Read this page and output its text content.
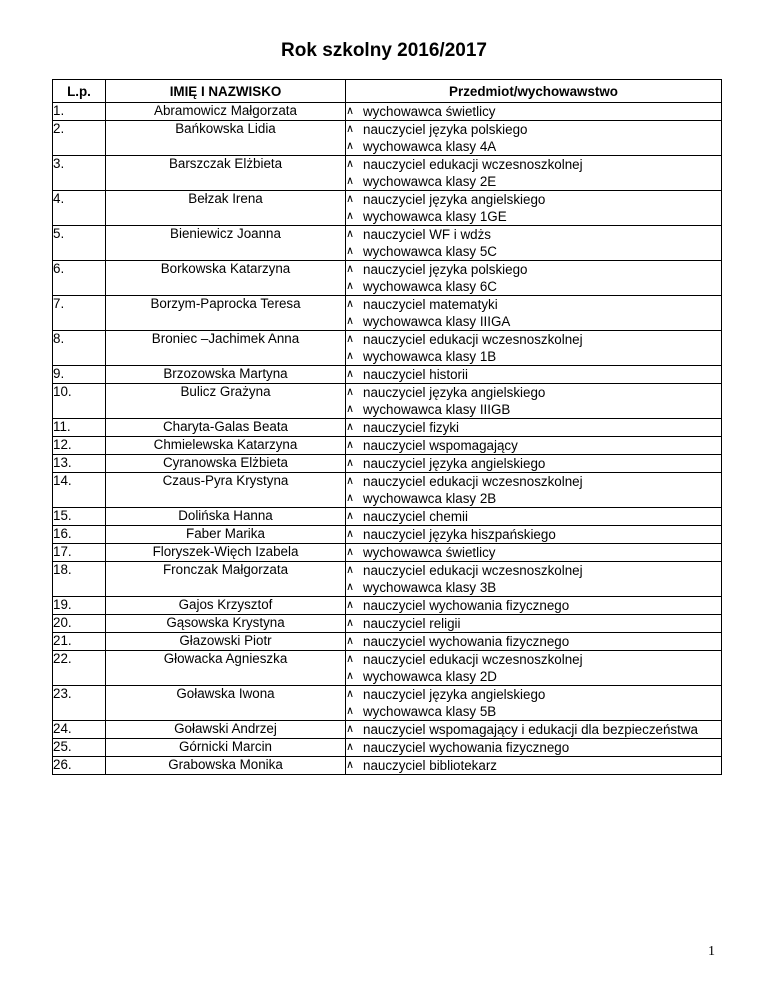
Rok szkolny 2016/2017
L.p.	IMIĘ I NAZWISKO	Przedmiot/wychowawstwo
1.	Abramowicz Małgorzata	∧ wychowawca świetlicy

2.	Bańkowska Lidia	∧ nauczyciel języka polskiego
∧ wychowawca klasy 4A

3.	Barszczak Elżbieta	∧ nauczyciel edukacji wczesnoszkolnej
∧ wychowawca klasy 2E

4.	Bełzak Irena	∧ nauczyciel języka angielskiego
∧ wychowawca klasy 1GE

5.	Bieniewicz Joanna	∧ nauczyciel WF i wdżs
∧ wychowawca klasy 5C

6.	Borkowska Katarzyna	∧ nauczyciel języka polskiego
∧ wychowawca klasy 6C

7.	Borzym-Paprocka Teresa	∧ nauczyciel matematyki
∧ wychowawca klasy IIIGA

8.	Broniec –Jachimek Anna	∧ nauczyciel edukacji wczesnoszkolnej
∧ wychowawca klasy 1B

9.	Brzozowska Martyna	∧ nauczyciel historii

10.	Bulicz Grażyna	∧ nauczyciel języka angielskiego
∧ wychowawca klasy IIIGB

11.	Charyta-Galas Beata	∧ nauczyciel fizyki

12.	Chmielewska Katarzyna	∧ nauczyciel wspomagający

13.	Cyranowska Elżbieta	∧ nauczyciel języka angielskiego

14.	Czaus-Pyra Krystyna	∧ nauczyciel edukacji wczesnoszkolnej
∧ wychowawca klasy 2B

15.	Dolińska Hanna	∧ nauczyciel chemii

16.	Faber Marika	∧ nauczyciel języka hiszpańskiego

17.	Floryszek-Więch Izabela	∧ wychowawca świetlicy

18.	Fronczak Małgorzata	∧ nauczyciel edukacji wczesnoszkolnej
∧ wychowawca klasy 3B

19.	Gajos Krzysztof	∧ nauczyciel wychowania fizycznego

20.	Gąsowska Krystyna	∧ nauczyciel religii

21.	Głazowski Piotr	∧ nauczyciel wychowania fizycznego

22.	Głowacka Agnieszka	∧ nauczyciel edukacji wczesnoszkolnej
∧ wychowawca klasy 2D

23.	Goławska Iwona	∧ nauczyciel języka angielskiego
∧ wychowawca klasy 5B

24.	Goławski Andrzej	∧ nauczyciel wspomagający i edukacji dla bezpieczeństwa

25.	Górnicki Marcin	∧ nauczyciel wychowania fizycznego

26.	Grabowska Monika	∧ nauczyciel bibliotekarz
1
